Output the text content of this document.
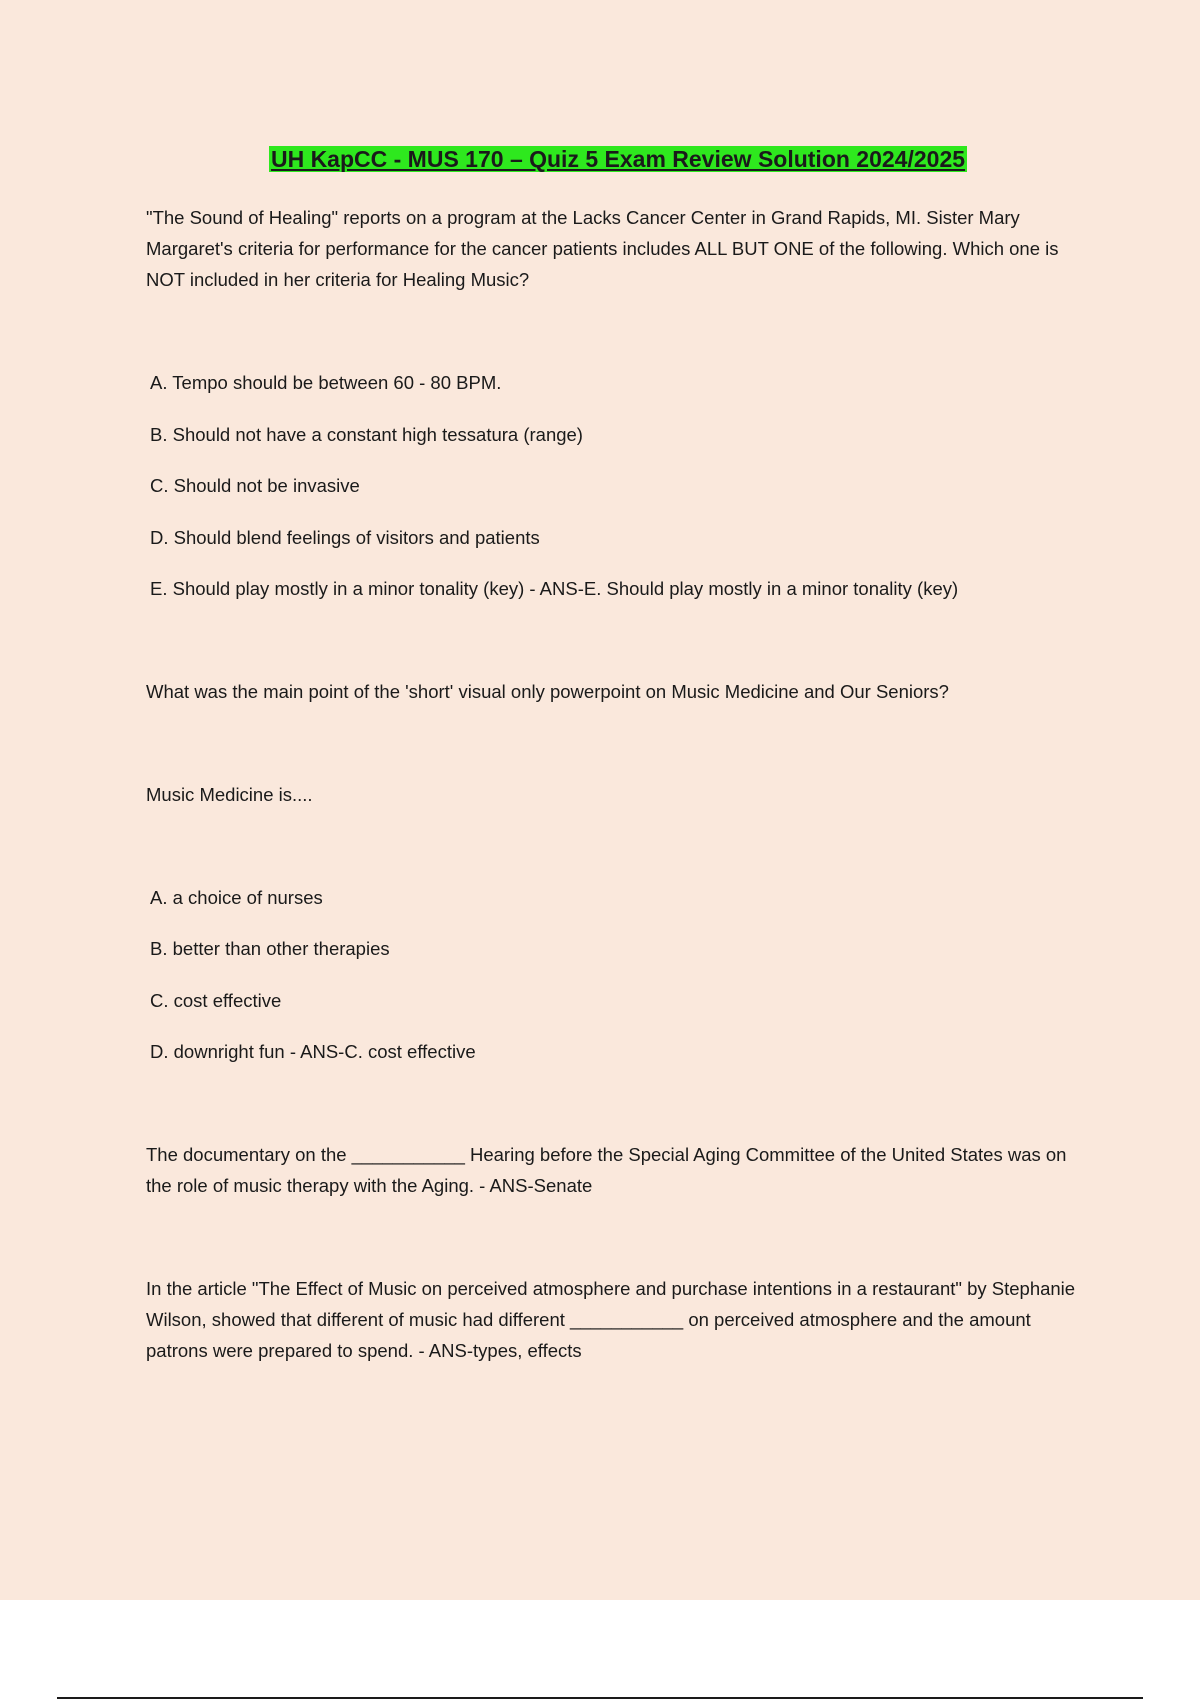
UH KapCC - MUS 170 – Quiz 5 Exam Review Solution 2024/2025
"The Sound of Healing" reports on a program at the Lacks Cancer Center in Grand Rapids, MI. Sister Mary Margaret's criteria for performance for the cancer patients includes ALL BUT ONE of the following. Which one is NOT included in her criteria for Healing Music?
A. Tempo should be between 60 - 80 BPM.
B. Should not have a constant high tessatura (range)
C. Should not be invasive
D. Should blend feelings of visitors and patients
E. Should play mostly in a minor tonality (key) - ANS-E. Should play mostly in a minor tonality (key)
What was the main point of the 'short' visual only powerpoint on Music Medicine and Our Seniors?
Music Medicine is....
A. a choice of nurses
B. better than other therapies
C. cost effective
D. downright fun - ANS-C. cost effective
The documentary on the ___________ Hearing before the Special Aging Committee of the United States was on the role of music therapy with the Aging. - ANS-Senate
In the article "The Effect of Music on perceived atmosphere and purchase intentions in a restaurant" by Stephanie Wilson, showed that different of music had different ___________ on perceived atmosphere and the amount patrons were prepared to spend. - ANS-types, effects
